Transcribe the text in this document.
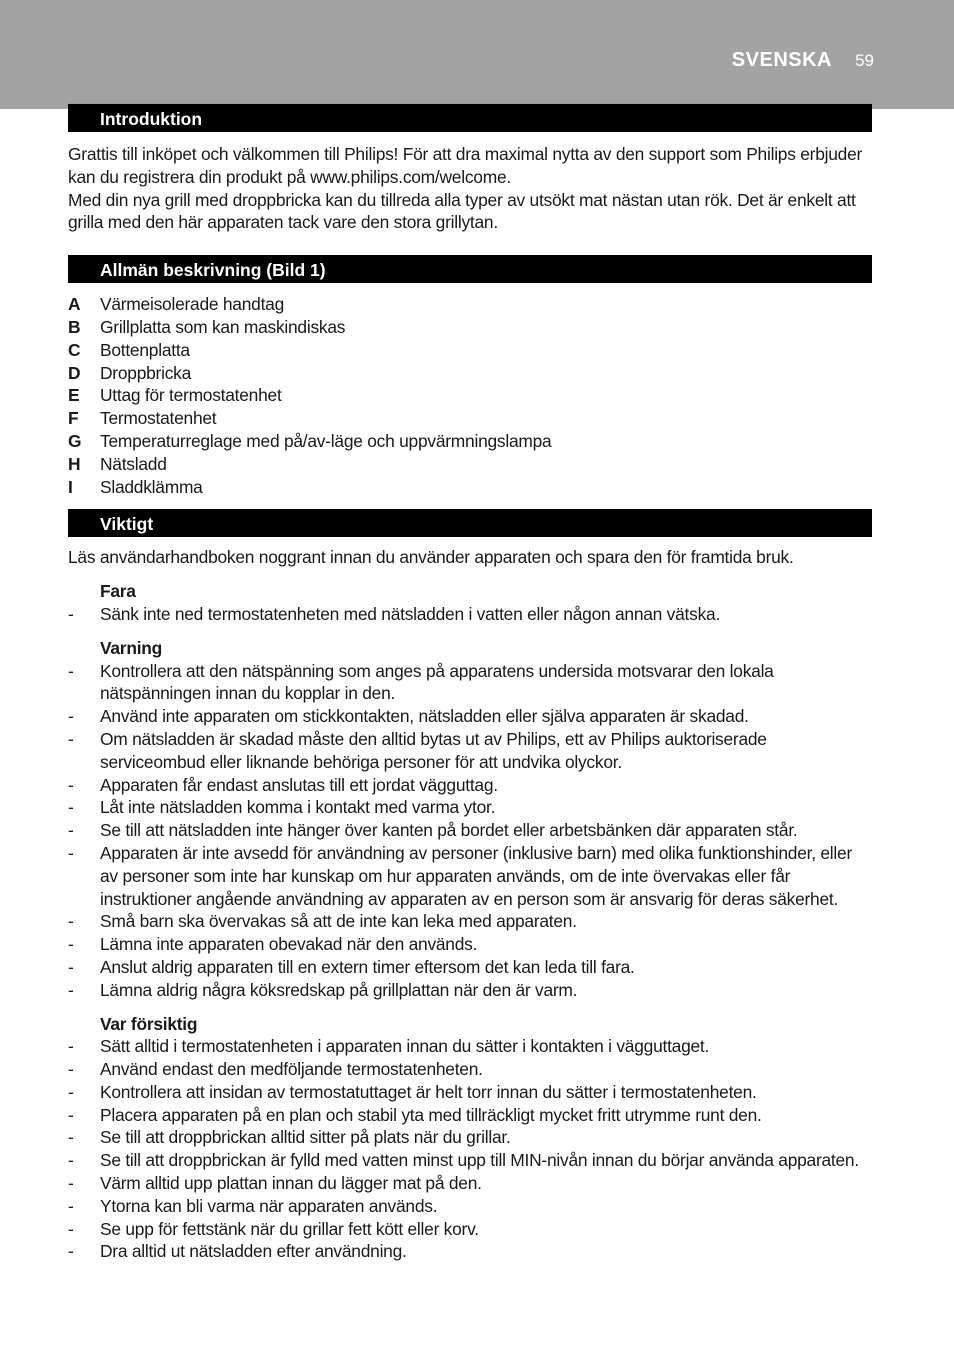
SVENSKA 59
Introduktion

Grattis till inköpet och välkommen till Philips! För att dra maximal nytta av den support som Philips erbjuder kan du registrera din produkt på www.philips.com/welcome.

Med din nya grill med droppbricka kan du tillreda alla typer av utsökt mat nästan utan rök. Det är enkelt att grilla med den här apparaten tack vare den stora grillytan.

Allmän beskrivning (Bild 1)
A	Värmeisolerade handtag
B	Grillplatta som kan maskindiskas
C	Bottenplatta
D	Droppbricka
E	Uttag för termostatenhet
F	Termostatenhet
G	Temperaturreglage med på/av-läge och uppvärmningslampa
H	Nätsladd
I	Sladdklämma
Viktigt

Läs användarhandboken noggrant innan du använder apparaten och spara den för framtida bruk.

Fara
-	Sänk inte ned termostatenheten med nätsladden i vatten eller någon annan vätska.
Varning
-	Kontrollera att den nätspänning som anges på apparatens undersida motsvarar den lokala nätspänningen innan du kopplar in den.
-	Använd inte apparaten om stickkontakten, nätsladden eller själva apparaten är skadad.
-	Om nätsladden är skadad måste den alltid bytas ut av Philips, ett av Philips auktoriserade serviceombud eller liknande behöriga personer för att undvika olyckor.
-	Apparaten får endast anslutas till ett jordat vägguttag.
-	Låt inte nätsladden komma i kontakt med varma ytor.
-	Se till att nätsladden inte hänger över kanten på bordet eller arbetsbänken där apparaten står.
-	Apparaten är inte avsedd för användning av personer (inklusive barn) med olika funktionshinder, eller av personer som inte har kunskap om hur apparaten används, om de inte övervakas eller får instruktioner angående användning av apparaten av en person som är ansvarig för deras säkerhet.
-	Små barn ska övervakas så att de inte kan leka med apparaten.
-	Lämna inte apparaten obevakad när den används.
-	Anslut aldrig apparaten till en extern timer eftersom det kan leda till fara.
-	Lämna aldrig några köksredskap på grillplattan när den är varm.
Var försiktig
-	Sätt alltid i termostatenheten i apparaten innan du sätter i kontakten i vägguttaget.
-	Använd endast den medföljande termostatenheten.
-	Kontrollera att insidan av termostatuttaget är helt torr innan du sätter i termostatenheten.
-	Placera apparaten på en plan och stabil yta med tillräckligt mycket fritt utrymme runt den.
-	Se till att droppbrickan alltid sitter på plats när du grillar.
-	Se till att droppbrickan är fylld med vatten minst upp till MIN-nivån innan du börjar använda apparaten.
-	Värm alltid upp plattan innan du lägger mat på den.
-	Ytorna kan bli varma när apparaten används.
-	Se upp för fettstänk när du grillar fett kött eller korv.
-	Dra alltid ut nätsladden efter användning.
